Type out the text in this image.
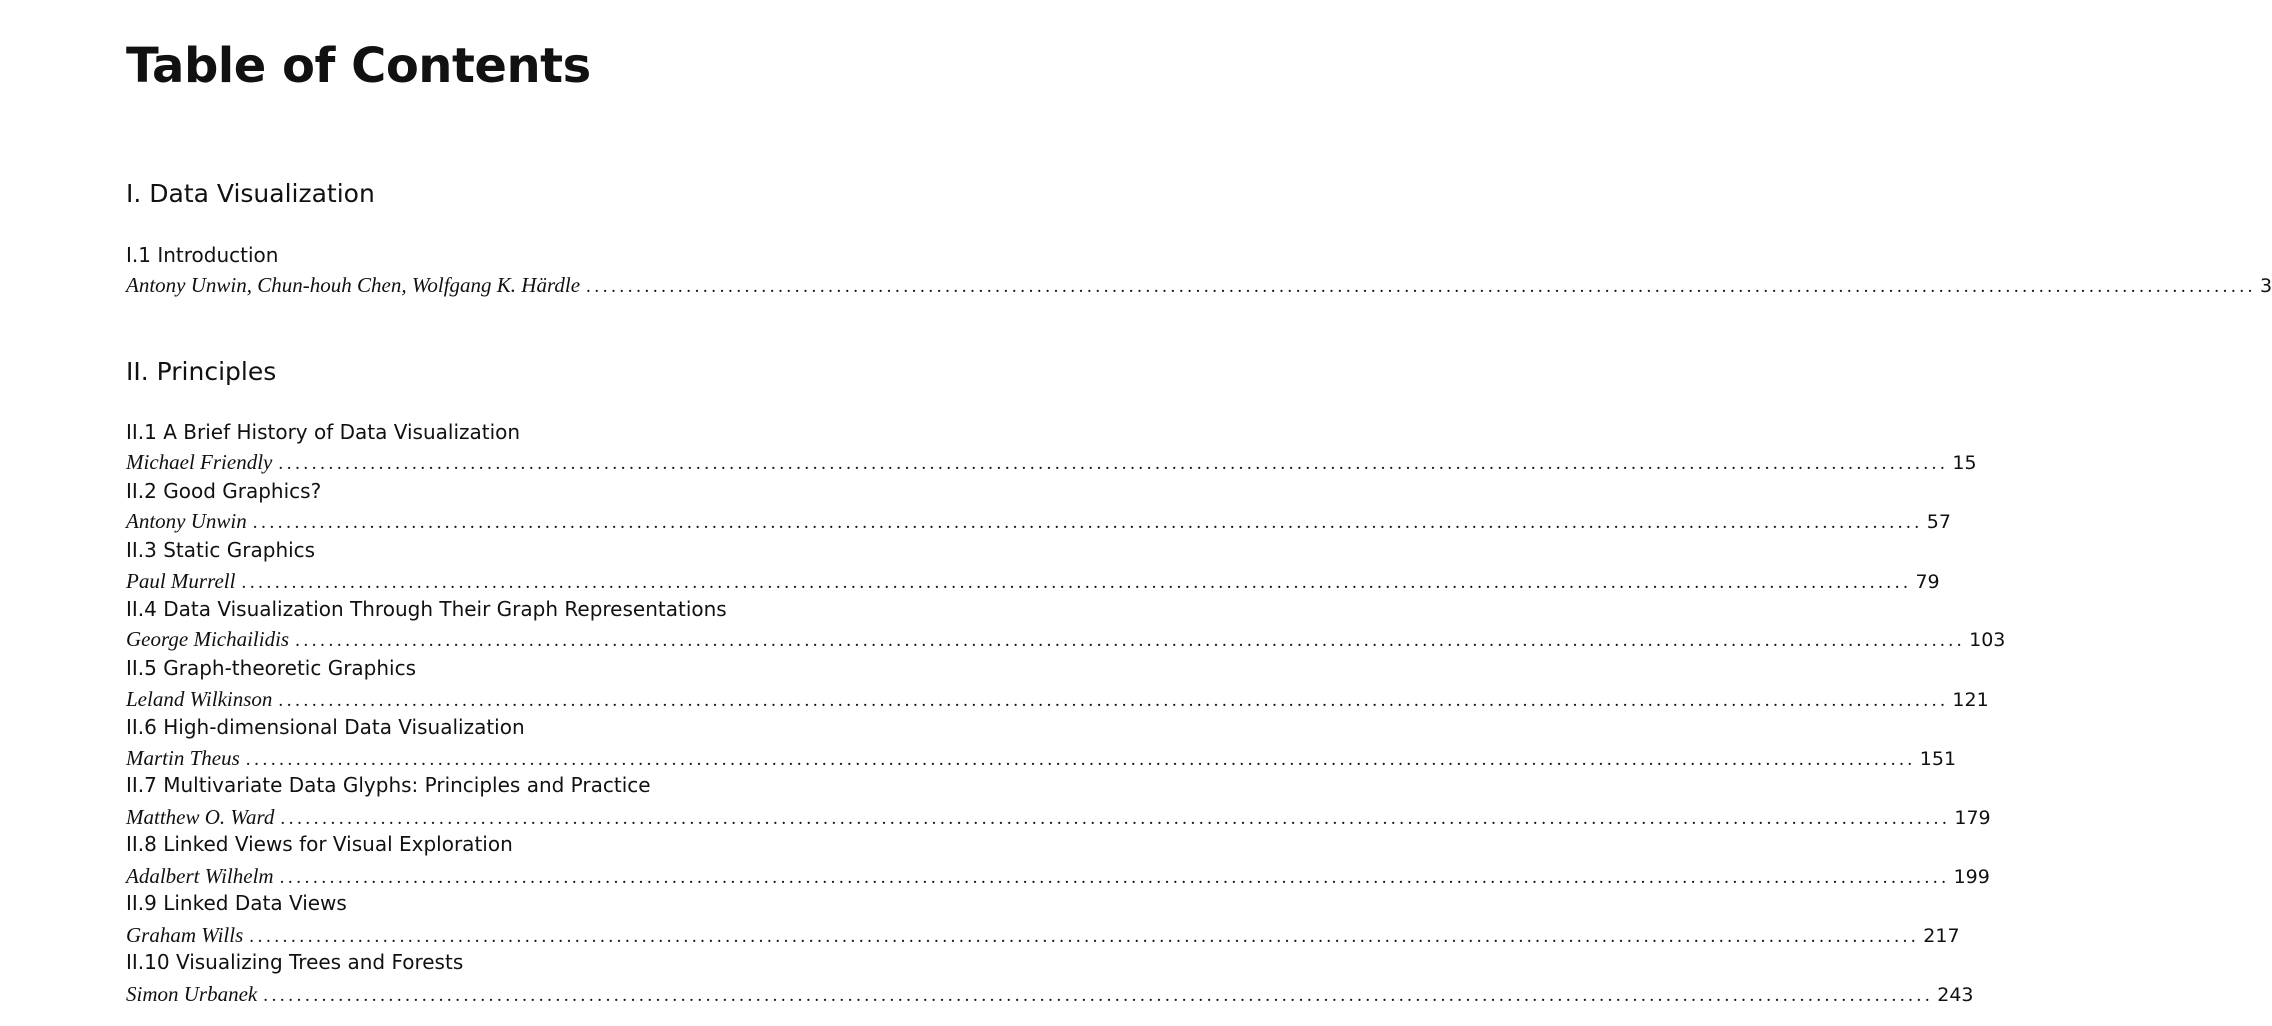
Table of Contents
I. Data Visualization
I.1 Introduction
Antony Unwin, Chun-houh Chen, Wolfgang K. Härdle ........................................................................................................................................................................................................ 3
II. Principles
II.1 A Brief History of Data Visualization
Michael Friendly ........................................................................................................................................................................................................ 15
II.2 Good Graphics?
Antony Unwin ........................................................................................................................................................................................................ 57
II.3 Static Graphics
Paul Murrell ........................................................................................................................................................................................................ 79
II.4 Data Visualization Through Their Graph Representations
George Michailidis ........................................................................................................................................................................................................ 103
II.5 Graph-theoretic Graphics
Leland Wilkinson ........................................................................................................................................................................................................ 121
II.6 High-dimensional Data Visualization
Martin Theus ........................................................................................................................................................................................................ 151
II.7 Multivariate Data Glyphs: Principles and Practice
Matthew O. Ward ........................................................................................................................................................................................................ 179
II.8 Linked Views for Visual Exploration
Adalbert Wilhelm ........................................................................................................................................................................................................ 199
II.9 Linked Data Views
Graham Wills ........................................................................................................................................................................................................ 217
II.10 Visualizing Trees and Forests
Simon Urbanek ........................................................................................................................................................................................................ 243
